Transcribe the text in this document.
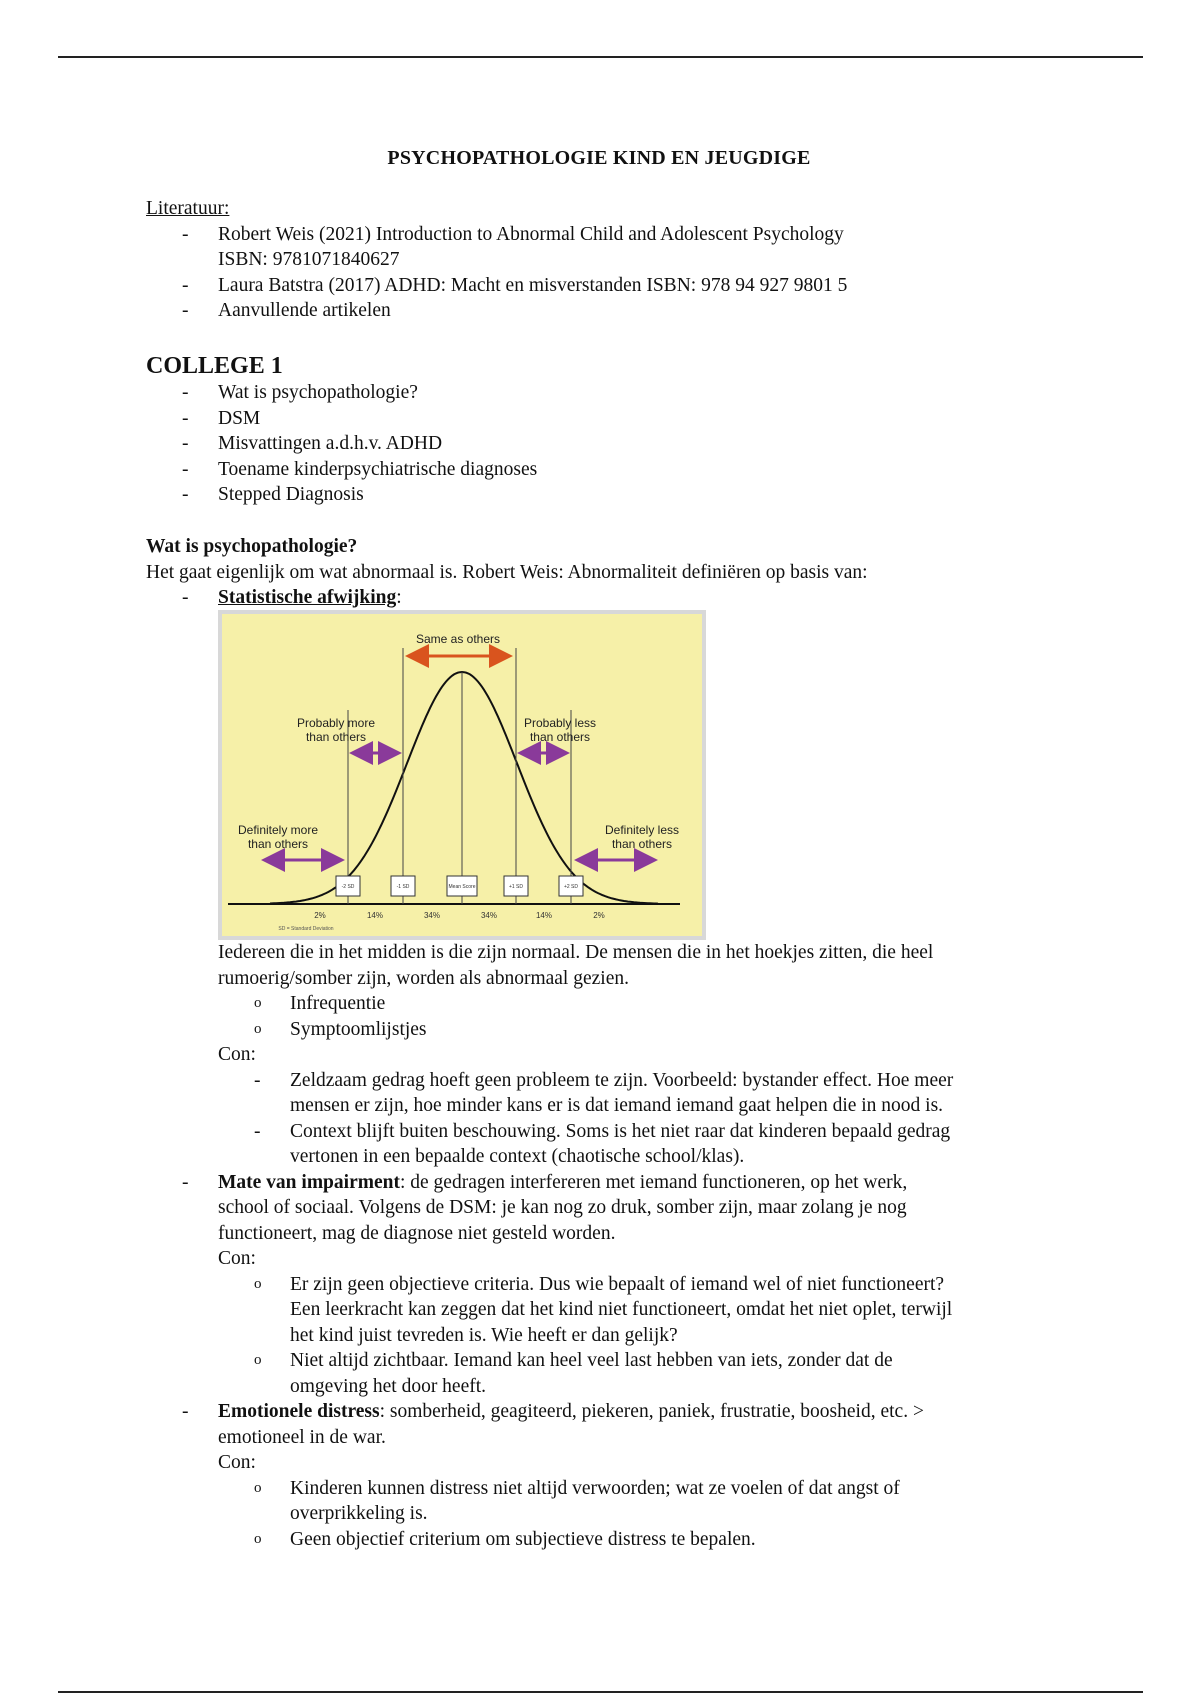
PSYCHOPATHOLOGIE KIND EN JEUGDIGE
Literatuur:
- Robert Weis (2021) Introduction to Abnormal Child and Adolescent Psychology
ISBN: 9781071840627
- Laura Batstra (2017) ADHD: Macht en misverstanden ISBN: 978 94 927 9801 5
- Aanvullende artikelen
COLLEGE 1
- Wat is psychopathologie?
- DSM
- Misvattingen a.d.h.v. ADHD
- Toename kinderpsychiatrische diagnoses
- Stepped Diagnosis
Wat is psychopathologie?
Het gaat eigenlijk om wat abnormaal is. Robert Weis: Abnormaliteit definiëren op basis van:
- Statistische afwijking:
Same as others
Probably more
than others
Probably less
than others
Definitely more
than others
Definitely less
than others
-2 SD	-1 SD	Mean Score	+1 SD	+2 SD
2%	14%	34%	34%	14%	2%
SD = Standard Deviation
Iedereen die in het midden is die zijn normaal. De mensen die in het hoekjes zitten, die heel
rumoerig/somber zijn, worden als abnormaal gezien.
o Infrequentie
o Symptoomlijstjes
Con:
- Zeldzaam gedrag hoeft geen probleem te zijn. Voorbeeld: bystander effect. Hoe meer
mensen er zijn, hoe minder kans er is dat iemand iemand gaat helpen die in nood is.
- Context blijft buiten beschouwing. Soms is het niet raar dat kinderen bepaald gedrag
vertonen in een bepaalde context (chaotische school/klas).
- Mate van impairment: de gedragen interfereren met iemand functioneren, op het werk,
school of sociaal. Volgens de DSM: je kan nog zo druk, somber zijn, maar zolang je nog
functioneert, mag de diagnose niet gesteld worden.
Con:
o Er zijn geen objectieve criteria. Dus wie bepaalt of iemand wel of niet functioneert?
Een leerkracht kan zeggen dat het kind niet functioneert, omdat het niet oplet, terwijl
het kind juist tevreden is. Wie heeft er dan gelijk?
o Niet altijd zichtbaar. Iemand kan heel veel last hebben van iets, zonder dat de
omgeving het door heeft.
- Emotionele distress: somberheid, geagiteerd, piekeren, paniek, frustratie, boosheid, etc. >
emotioneel in de war.
Con:
o Kinderen kunnen distress niet altijd verwoorden; wat ze voelen of dat angst of
overprikkeling is.
o Geen objectief criterium om subjectieve distress te bepalen.
